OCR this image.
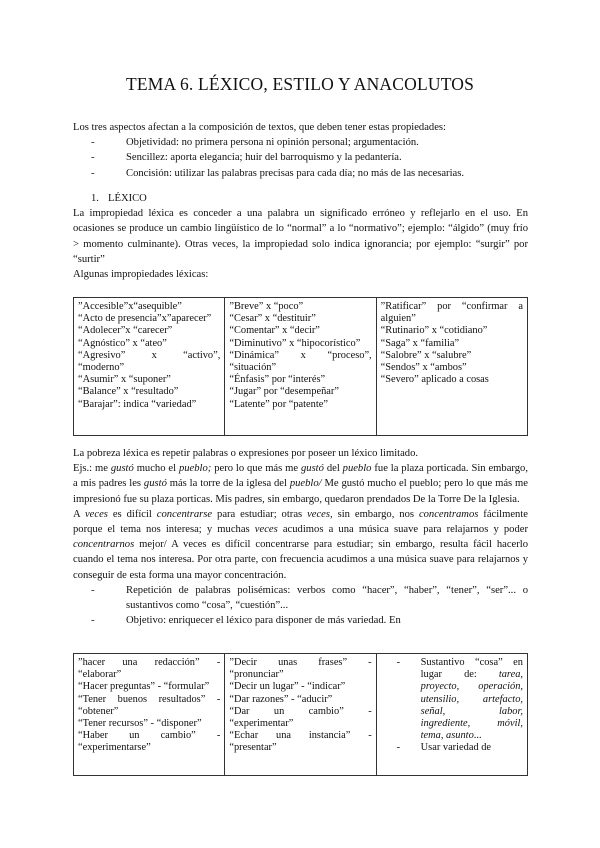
TEMA 6. LÉXICO, ESTILO Y ANACOLUTOS

Los tres aspectos afectan a la composición de textos, que deben tener estas propiedades:

- Objetividad: no primera persona ni opinión personal; argumentación.
- Sencillez: aporta elegancia; huir del barroquismo y la pedantería.
- Concisión: utilizar las palabras precisas para cada día; no más de las necesarias.
1. LÉXICO

La impropiedad léxica es conceder a una palabra un significado erróneo y reflejarlo en el uso. En ocasiones se produce un cambio lingüístico de lo “normal” a lo “normativo”; ejemplo: “álgido” (muy frío > momento culminante). Otras veces, la impropiedad solo indica ignorancia; por ejemplo: “surgir” por “surtir”

Algunas impropiedades léxicas:

”Accesible”x“asequible”
“Acto de presencia”x”aparecer”
“Adolecer”x “carecer”
“Agnóstico” x “ateo”
“Agresivo” x “activo”, “moderno”
“Asumir” x “suponer”
“Balance” x “resultado”
“Barajar”: indica “variedad”

”Breve” x “poco”
“Cesar” x “destituir”
“Comentar” x “decir”
“Diminutivo” x “hipocorístico”
“Dinámica” x “proceso”, “situación”
“Énfasis” por “interés”
“Jugar” por “desempeñar”
“Latente” por “patente”

”Ratificar” por “confirmar a alguien”
“Rutinario” x “cotidiano”
“Saga” x “familia”
“Salobre” x “salubre”
“Sendos” x “ambos”
“Severo” aplicado a cosas

La pobreza léxica es repetir palabras o expresiones por poseer un léxico limitado.

Ejs.: me gustó mucho el pueblo; pero lo que más me gustó del pueblo fue la plaza porticada. Sin embargo, a mis padres les gustó más la torre de la iglesa del pueblo/ Me gustó mucho el pueblo; pero lo que más me impresionó fue su plaza porticas. Mis padres, sin embargo, quedaron prendados De la Torre De la Iglesia.

A veces es difícil concentrarse para estudiar; otras veces, sin embargo, nos concentramos fácilmente porque el tema nos interesa; y muchas veces acudimos a una música suave para relajarnos y poder concentrarnos mejor/ A veces es difícil concentrarse para estudiar; sin embargo, resulta fácil hacerlo cuando el tema nos interesa. Por otra parte, con frecuencia acudimos a una música suave para relajarnos y conseguir de esta forma una mayor concentración.

- Repetición de palabras polisémicas: verbos como “hacer”, “haber”, “tener”, “ser”... o sustantivos como “cosa”, “cuestión”...
- Objetivo: enriquecer el léxico para disponer de más variedad. En
”hacer una redacción” - “elaborar”
“Hacer preguntas” - “formular”
“Tener buenos resultados” - “obtener”
“Tener recursos” - “disponer”
“Haber un cambio” - “experimentarse”

”Decir unas frases” - “pronunciar”
“Decir un lugar” - “indicar”
“Dar razones” - “aducir”
“Dar un cambio” - “experimentar”
“Echar una instancia” - “presentar”

- Sustantivo “cosa” en lugar de: tarea, proyecto, operación, utensilio, artefacto, señal, labor, ingrediente, móvil, tema, asunto...
- Usar variedad de
